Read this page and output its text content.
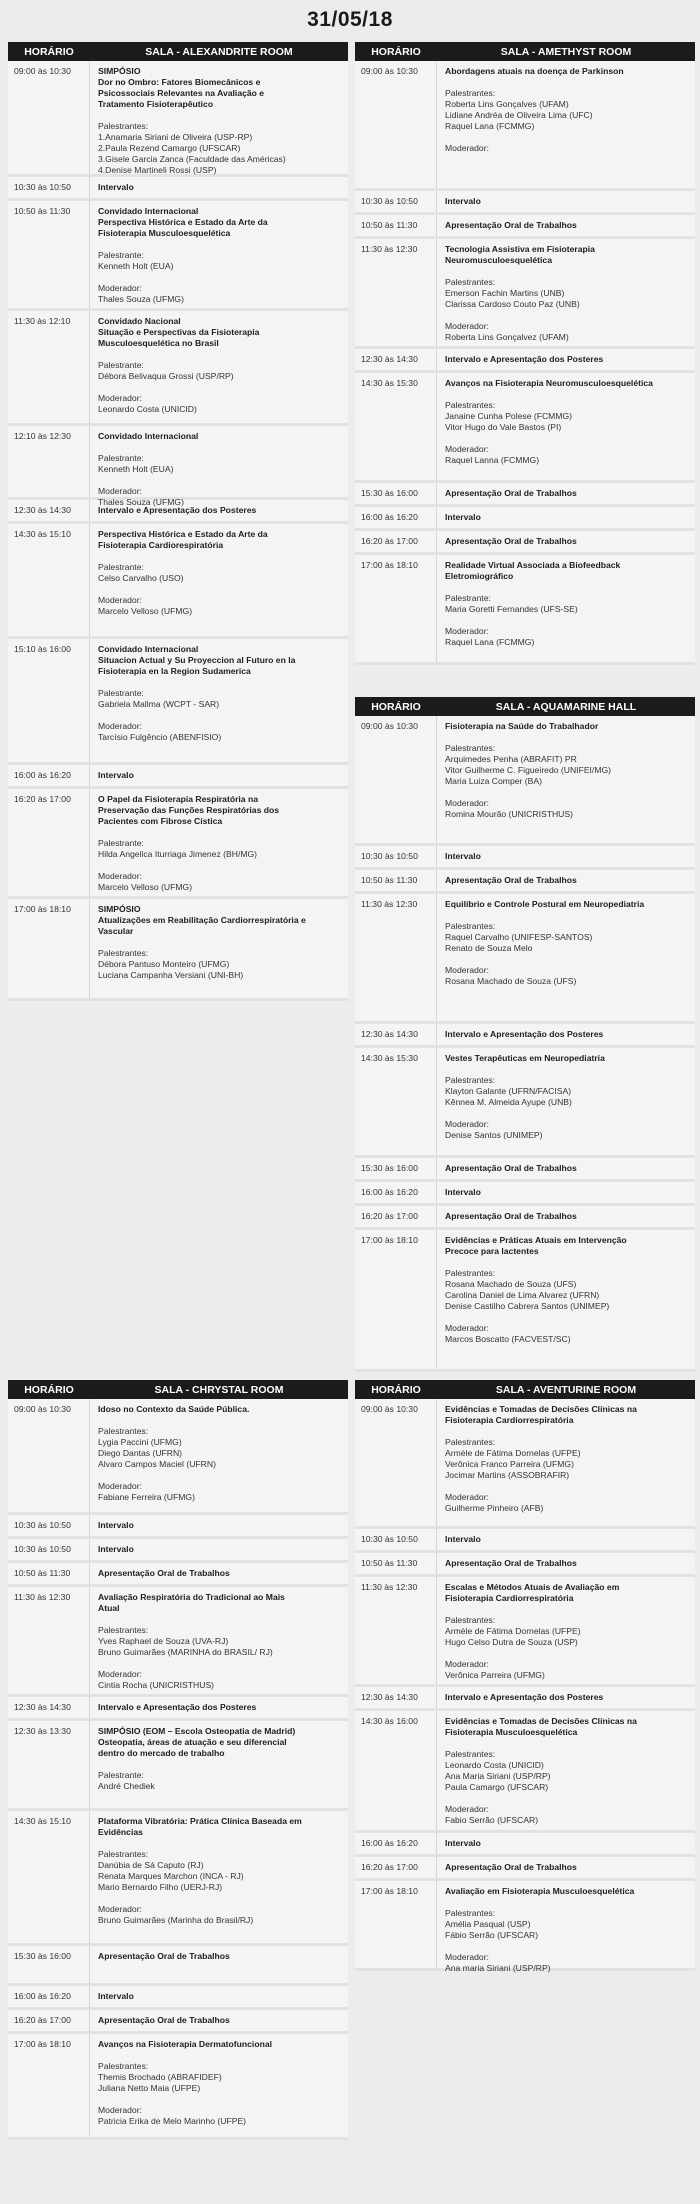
31/05/18
HORÁRIO	SALA - ALEXANDRITE ROOM
09:00 às 10:30	SIMPÓSIO
Dor no Ombro: Fatores Biomecânicos e
Psicossociais Relevantes na Avaliação e
Tratamento Fisioterapêutico
Palestrantes:
1.Anamaria Siriani de Oliveira (USP-RP)
2.Paula Rezend Camargo (UFSCAR)
3.Gisele Garcia Zanca (Faculdade das Américas)
4.Denise Martineli Rossi (USP)
10:30 às 10:50	Intervalo
10:50 às 11:30	Convidado Internacional
Perspectiva Histórica e Estado da Arte da
Fisioterapia Musculoesquelética
Palestrante:
Kenneth Holt (EUA)
Moderador:
Thales Souza (UFMG)
11:30 às 12:10	Convidado Nacional
Situação e Perspectivas da Fisioterapia
Musculoesquelética no Brasil
Palestrante:
Débora Belivaqua Grossi (USP/RP)
Moderador:
Leonardo Costa (UNICID)
12:10 às 12:30	Convidado Internacional
Palestrante:
Kenneth Holt (EUA)
Moderador:
Thales Souza (UFMG)
12:30 às 14:30	Intervalo e Apresentação dos Posteres
14:30 às 15:10	Perspectiva Histórica e Estado da Arte da
Fisioterapia Cardiorespiratória
Palestrante:
Celso Carvalho (USO)
Moderador:
Marcelo Velloso (UFMG)
15:10 às 16:00	Convidado Internacional
Situacion Actual y Su Proyeccion al Futuro en la
Fisioterapia en la Region Sudamerica
Palestrante:
Gabriela Mallma (WCPT - SAR)
Moderador:
Tarcísio Fulgêncio (ABENFISIO)
16:00 às 16:20	Intervalo
16:20 às 17:00	O Papel da Fisioterapia Respiratória na
Preservação das Funções Respiratórias dos
Pacientes com Fibrose Cística
Palestrante:
Hilda Angelica Iturriaga Jimenez (BH/MG)
Moderador:
Marcelo Velloso (UFMG)
17:00 às 18:10	SIMPÓSIO
Atualizações em Reabilitação Cardiorrespiratória e
Vascular
Palestrantes:
Débora Pantuso Monteiro (UFMG)
Luciana Campanha Versiani (UNI-BH)
HORÁRIO	SALA - AMETHYST ROOM
09:00 às 10:30	Abordagens atuais na doença de Parkinson
Palestrantes:
Roberta Lins Gonçalves (UFAM)
Lidiane Andréa de Oliveira Lima (UFC)
Raquel Lana (FCMMG)
Moderador:
10:30 às 10:50	Intervalo
10:50 às 11:30	Apresentação Oral de Trabalhos
11:30 às 12:30	Tecnologia Assistiva em Fisioterapia
Neuromusculoesquelética
Palestrantes:
Emerson Fachin Martins (UNB)
Clarissa Cardoso Couto Paz (UNB)
Moderador:
Roberta Lins Gonçalvez (UFAM)
12:30 às 14:30	Intervalo e Apresentação dos Posteres
14:30 às 15:30	Avanços na Fisioterapia Neuromusculoesquelética
Palestrantes:
Janaine Cunha Polese (FCMMG)
Vitor Hugo do Vale Bastos (PI)
Moderador:
Raquel Lanna (FCMMG)
15:30 às 16:00	Apresentação Oral de Trabalhos
16:00 às 16:20	Intervalo
16:20 às 17:00	Apresentação Oral de Trabalhos
17:00 às 18:10	Realidade Virtual Associada a Biofeedback
Eletromiográfico
Palestrante:
Maria Goretti Fernandes (UFS-SE)
Moderador:
Raquel Lana (FCMMG)
HORÁRIO	SALA - AQUAMARINE HALL
09:00 às 10:30	Fisioterapia na Saúde do Trabalhador
Palestrantes:
Arquimedes Penha (ABRAFIT) PR
Vitor Guilherme C. Figueiredo (UNIFEI/MG)
Maria Luiza Comper (BA)
Moderador:
Romina Mourão (UNICRISTHUS)
10:30 às 10:50	Intervalo
10:50 às 11:30	Apresentação Oral de Trabalhos
11:30 às 12:30	Equilíbrio e Controle Postural em Neuropediatria
Palestrantes:
Raquel Carvalho (UNIFESP-SANTOS)
Renato de Souza Melo
Moderador:
Rosana Machado de Souza (UFS)
12:30 às 14:30	Intervalo e Apresentação dos Posteres
14:30 às 15:30	Vestes Terapêuticas em Neuropediatria
Palestrantes:
Klayton Galante (UFRN/FACISA)
Kênnea M. Almeida Ayupe (UNB)
Moderador:
Denise Santos (UNIMEP)
15:30 às 16:00	Apresentação Oral de Trabalhos
16:00 às 16:20	Intervalo
16:20 às 17:00	Apresentação Oral de Trabalhos
17:00 às 18:10	Evidências e Práticas Atuais em Intervenção
Precoce para lactentes
Palestrantes:
Rosana Machado de Souza (UFS)
Carolina Daniel de Lima Alvarez (UFRN)
Denise Castilho Cabrera Santos (UNIMEP)
Moderador:
Marcos Boscatto (FACVEST/SC)
HORÁRIO	SALA - CHRYSTAL ROOM
09:00 às 10:30	Idoso no Contexto da Saúde Pública.
Palestrantes:
Lygia Paccini (UFMG)
Diego Dantas (UFRN)
Alvaro Campos Maciel (UFRN)
Moderador:
Fabiane Ferreira (UFMG)
10:30 às 10:50	Intervalo
10:30 às 10:50	Intervalo
10:50 às 11:30	Apresentação Oral de Trabalhos
11:30 às 12:30	Avaliação Respiratória do Tradicional ao Mais
Atual
Palestrantes:
Yves Raphael de Souza (UVA-RJ)
Bruno Guimarães (MARINHA do BRASIL/ RJ)
Moderador:
Cintia Rocha (UNICRISTHUS)
12:30 às 14:30	Intervalo e Apresentação dos Posteres
12:30 às 13:30	SIMPÓSIO (EOM – Escola Osteopatia de Madrid)
Osteopatia, áreas de atuação e seu diferencial
dentro do mercado de trabalho
Palestrante:
André Chediek
14:30 às 15:10	Plataforma Vibratória: Prática Clínica Baseada em
Evidências
Palestrantes:
Danúbia de Sá Caputo (RJ)
Renata Marques Marchon (INCA - RJ)
Mario Bernardo Filho (UERJ-RJ)
Moderador:
Bruno Guimarães (Marinha do Brasil/RJ)
15:30 às 16:00	Apresentação Oral de Trabalhos
16:00 às 16:20	Intervalo
16:20 às 17:00	Apresentação Oral de Trabalhos
17:00 às 18:10	Avanços na Fisioterapia Dermatofuncional
Palestrantes:
Themis Brochado (ABRAFIDEF)
Juliana Netto Maia (UFPE)
Moderador:
Patricia Erika de Melo Marinho (UFPE)
HORÁRIO	SALA - AVENTURINE ROOM
09:00 às 10:30	Evidências e Tomadas de Decisões Clínicas na
Fisioterapia Cardiorrespiratória
Palestrantes:
Armèle de Fátima Dornelas (UFPE)
Verônica Franco Parreira (UFMG)
Jocimar Martins (ASSOBRAFIR)
Moderador:
Guilherme Pinheiro (AFB)
10:30 às 10:50	Intervalo
10:50 às 11:30	Apresentação Oral de Trabalhos
11:30 às 12:30	Escalas e Métodos Atuais de Avaliação em
Fisioterapia Cardiorrespiratória
Palestrantes:
Armèle de Fátima Dornelas (UFPE)
Hugo Celso Dutra de Souza (USP)
Moderador:
Verônica Parreira (UFMG)
12:30 às 14:30	Intervalo e Apresentação dos Posteres
14:30 às 16:00	Evidências e Tomadas de Decisões Clínicas na
Fisioterapia Musculoesquelética
Palestrantes:
Leonardo Costa (UNICID)
Ana Maria Siriani (USP/RP)
Paula Camargo (UFSCAR)
Moderador:
Fabio Serrão (UFSCAR)
16:00 às 16:20	Intervalo
16:20 às 17:00	Apresentação Oral de Trabalhos
17:00 às 18:10	Avaliação em Fisioterapia Musculoesquelética
Palestrantes:
Amélia Pasqual (USP)
Fábio Serrão (UFSCAR)
Moderador:
Ana maria Siriani (USP/RP)
